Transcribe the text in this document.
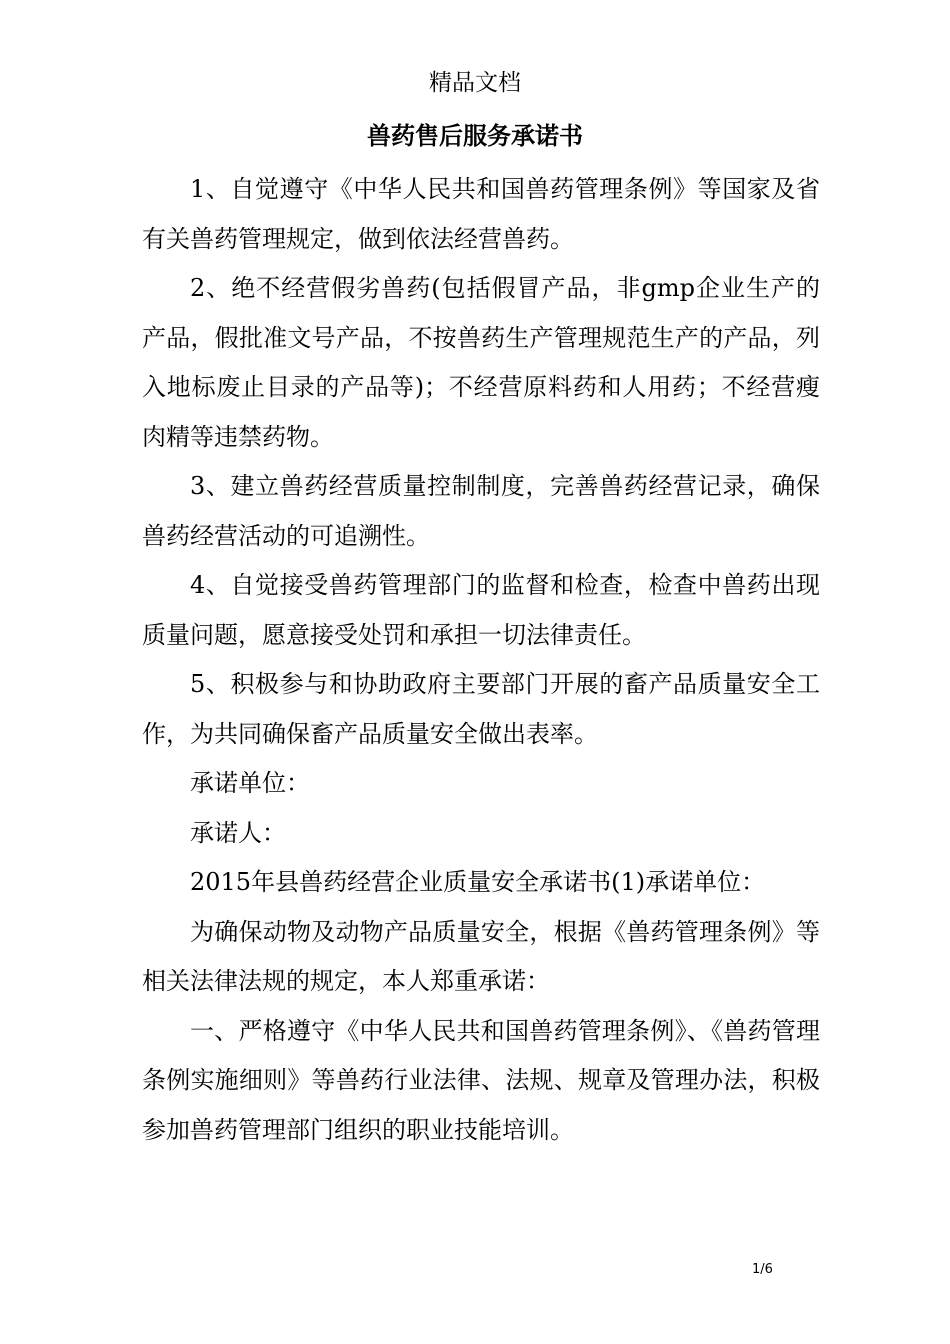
精品文档
兽药售后服务承诺书

1、自觉遵守《中华人民共和国兽药管理条例》等国家及省有关兽药管理规定，做到依法经营兽药。

2、绝不经营假劣兽药(包括假冒产品，非gmp企业生产的产品，假批准文号产品，不按兽药生产管理规范生产的产品，列入地标废止目录的产品等)；不经营原料药和人用药；不经营瘦肉精等违禁药物。

3、建立兽药经营质量控制制度，完善兽药经营记录，确保兽药经营活动的可追溯性。

4、自觉接受兽药管理部门的监督和检查，检查中兽药出现质量问题，愿意接受处罚和承担一切法律责任。

5、积极参与和协助政府主要部门开展的畜产品质量安全工作，为共同确保畜产品质量安全做出表率。

承诺单位：

承诺人：

2015年县兽药经营企业质量安全承诺书(1)承诺单位：

为确保动物及动物产品质量安全，根据《兽药管理条例》等相关法律法规的规定，本人郑重承诺：

一、严格遵守《中华人民共和国兽药管理条例》、《兽药管理条例实施细则》等兽药行业法律、法规、规章及管理办法，积极参加兽药管理部门组织的职业技能培训。

1/6
